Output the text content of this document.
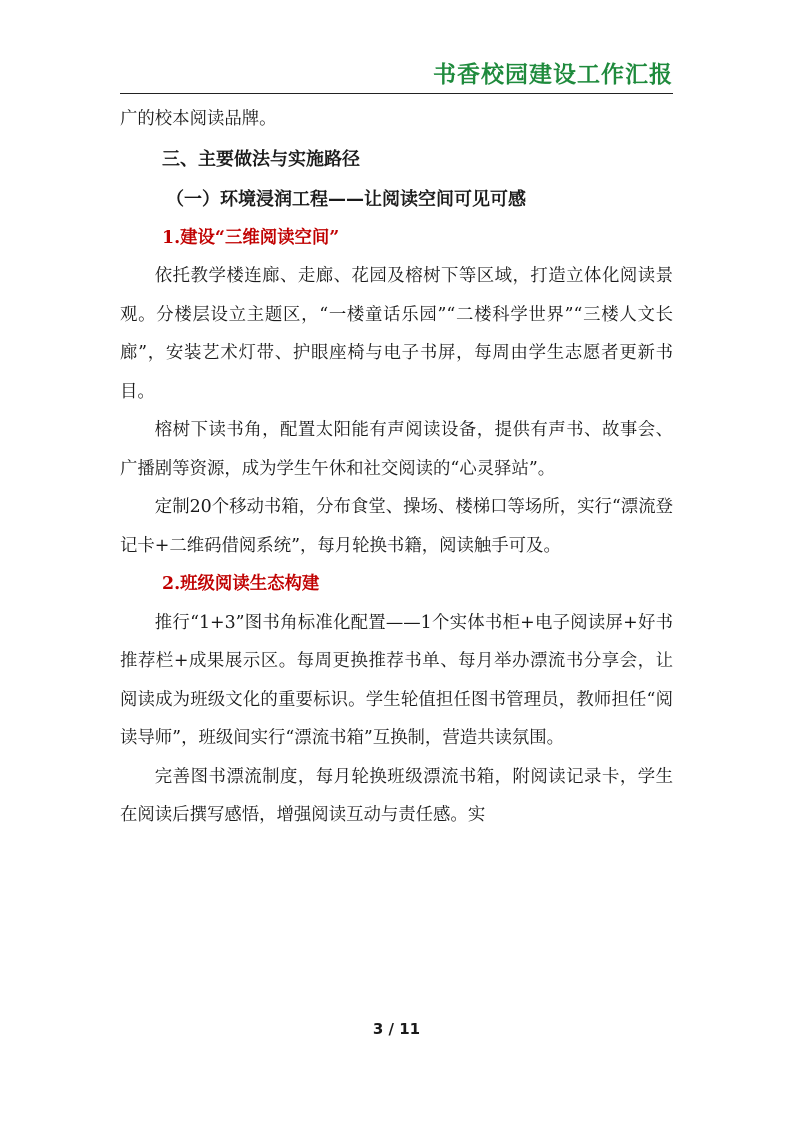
书香校园建设工作汇报

广的校本阅读品牌。

三、主要做法与实施路径
（一）环境浸润工程——让阅读空间可见可感
1.建设“三维阅读空间”

依托教学楼连廊、走廊、花园及榕树下等区域，打造立体化阅读景观。分楼层设立主题区，“一楼童话乐园”“二楼科学世界”“三楼人文长廊”，安装艺术灯带、护眼座椅与电子书屏，每周由学生志愿者更新书目。

榕树下读书角，配置太阳能有声阅读设备，提供有声书、故事会、广播剧等资源，成为学生午休和社交阅读的“心灵驿站”。

定制20个移动书箱，分布食堂、操场、楼梯口等场所，实行“漂流登记卡+二维码借阅系统”，每月轮换书籍，阅读触手可及。

2.班级阅读生态构建

推行“1+3”图书角标准化配置——1个实体书柜+电子阅读屏+好书推荐栏+成果展示区。每周更换推荐书单、每月举办漂流书分享会，让阅读成为班级文化的重要标识。学生轮值担任图书管理员，教师担任“阅读导师”，班级间实行“漂流书箱”互换制，营造共读氛围。

完善图书漂流制度，每月轮换班级漂流书箱，附阅读记录卡，学生在阅读后撰写感悟，增强阅读互动与责任感。实

3 / 11
